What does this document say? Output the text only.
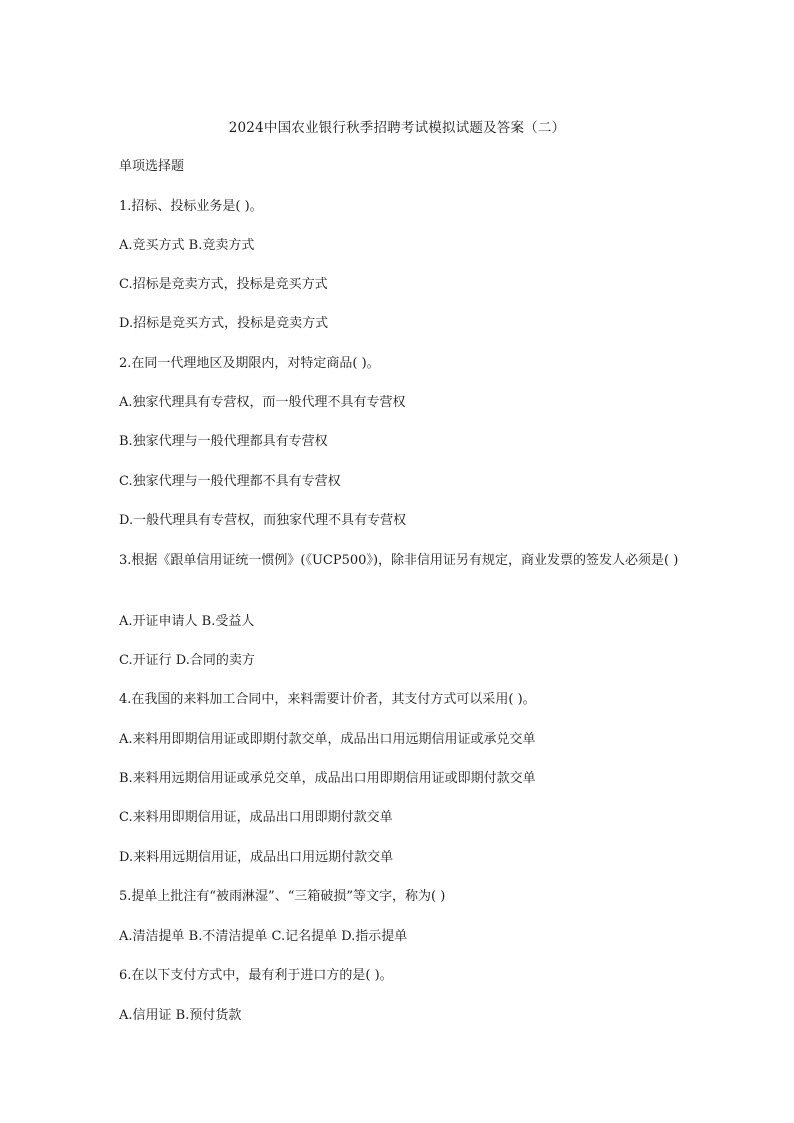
2024中国农业银行秋季招聘考试模拟试题及答案（二）
单项选择题
1.招标、投标业务是( )。
A.竞买方式 B.竞卖方式
C.招标是竞卖方式，投标是竞买方式
D.招标是竞买方式，投标是竞卖方式
2.在同一代理地区及期限内，对特定商品( )。
A.独家代理具有专营权，而一般代理不具有专营权
B.独家代理与一般代理都具有专营权
C.独家代理与一般代理都不具有专营权
D.一般代理具有专营权，而独家代理不具有专营权
3.根据《跟单信用证统一惯例》(《UCP500》)，除非信用证另有规定，商业发票的签发人必须是( )
A.开证申请人 B.受益人
C.开证行 D.合同的卖方
4.在我国的来料加工合同中，来料需要计价者，其支付方式可以采用( )。
A.来料用即期信用证或即期付款交单，成品出口用远期信用证或承兑交单
B.来料用远期信用证或承兑交单，成品出口用即期信用证或即期付款交单
C.来料用即期信用证，成品出口用即期付款交单
D.来料用远期信用证，成品出口用远期付款交单
5.提单上批注有“被雨淋湿”、“三箱破损”等文字，称为( )
A.清洁提单 B.不清洁提单 C.记名提单 D.指示提单
6.在以下支付方式中，最有利于进口方的是( )。
A.信用证 B.预付货款
